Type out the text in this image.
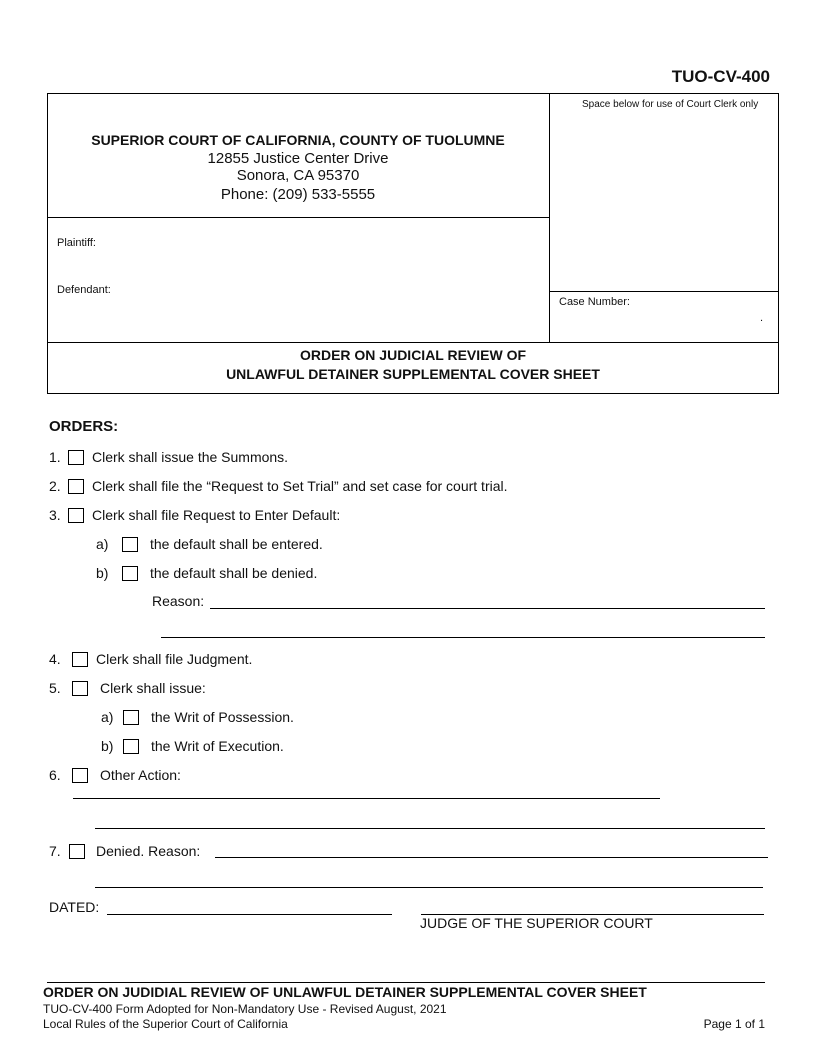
TUO-CV-400
Space below for use of Court Clerk only
SUPERIOR COURT OF CALIFORNIA, COUNTY OF TUOLUMNE
12855 Justice Center Drive
Sonora, CA 95370
Phone: (209) 533-5555
Plaintiff:
Defendant:
Case Number:
.
ORDER ON JUDICIAL REVIEW OF
UNLAWFUL DETAINER SUPPLEMENTAL COVER SHEET
ORDERS:
1. Clerk shall issue the Summons.
2. Clerk shall file the “Request to Set Trial” and set case for court trial.
3. Clerk shall file Request to Enter Default:
a)	the default shall be entered.
b)	the default shall be denied.
Reason:
4.	Clerk shall file Judgment.
5.	Clerk shall issue:
a)	the Writ of Possession.
b)	the Writ of Execution.
6.	Other Action:
7.	Denied. Reason:
DATED:
JUDGE OF THE SUPERIOR COURT
ORDER ON JUDIDIAL REVIEW OF UNLAWFUL DETAINER SUPPLEMENTAL COVER SHEET
TUO-CV-400 Form Adopted for Non-Mandatory Use - Revised August, 2021
Local Rules of the Superior Court of California	Page 1 of 1
